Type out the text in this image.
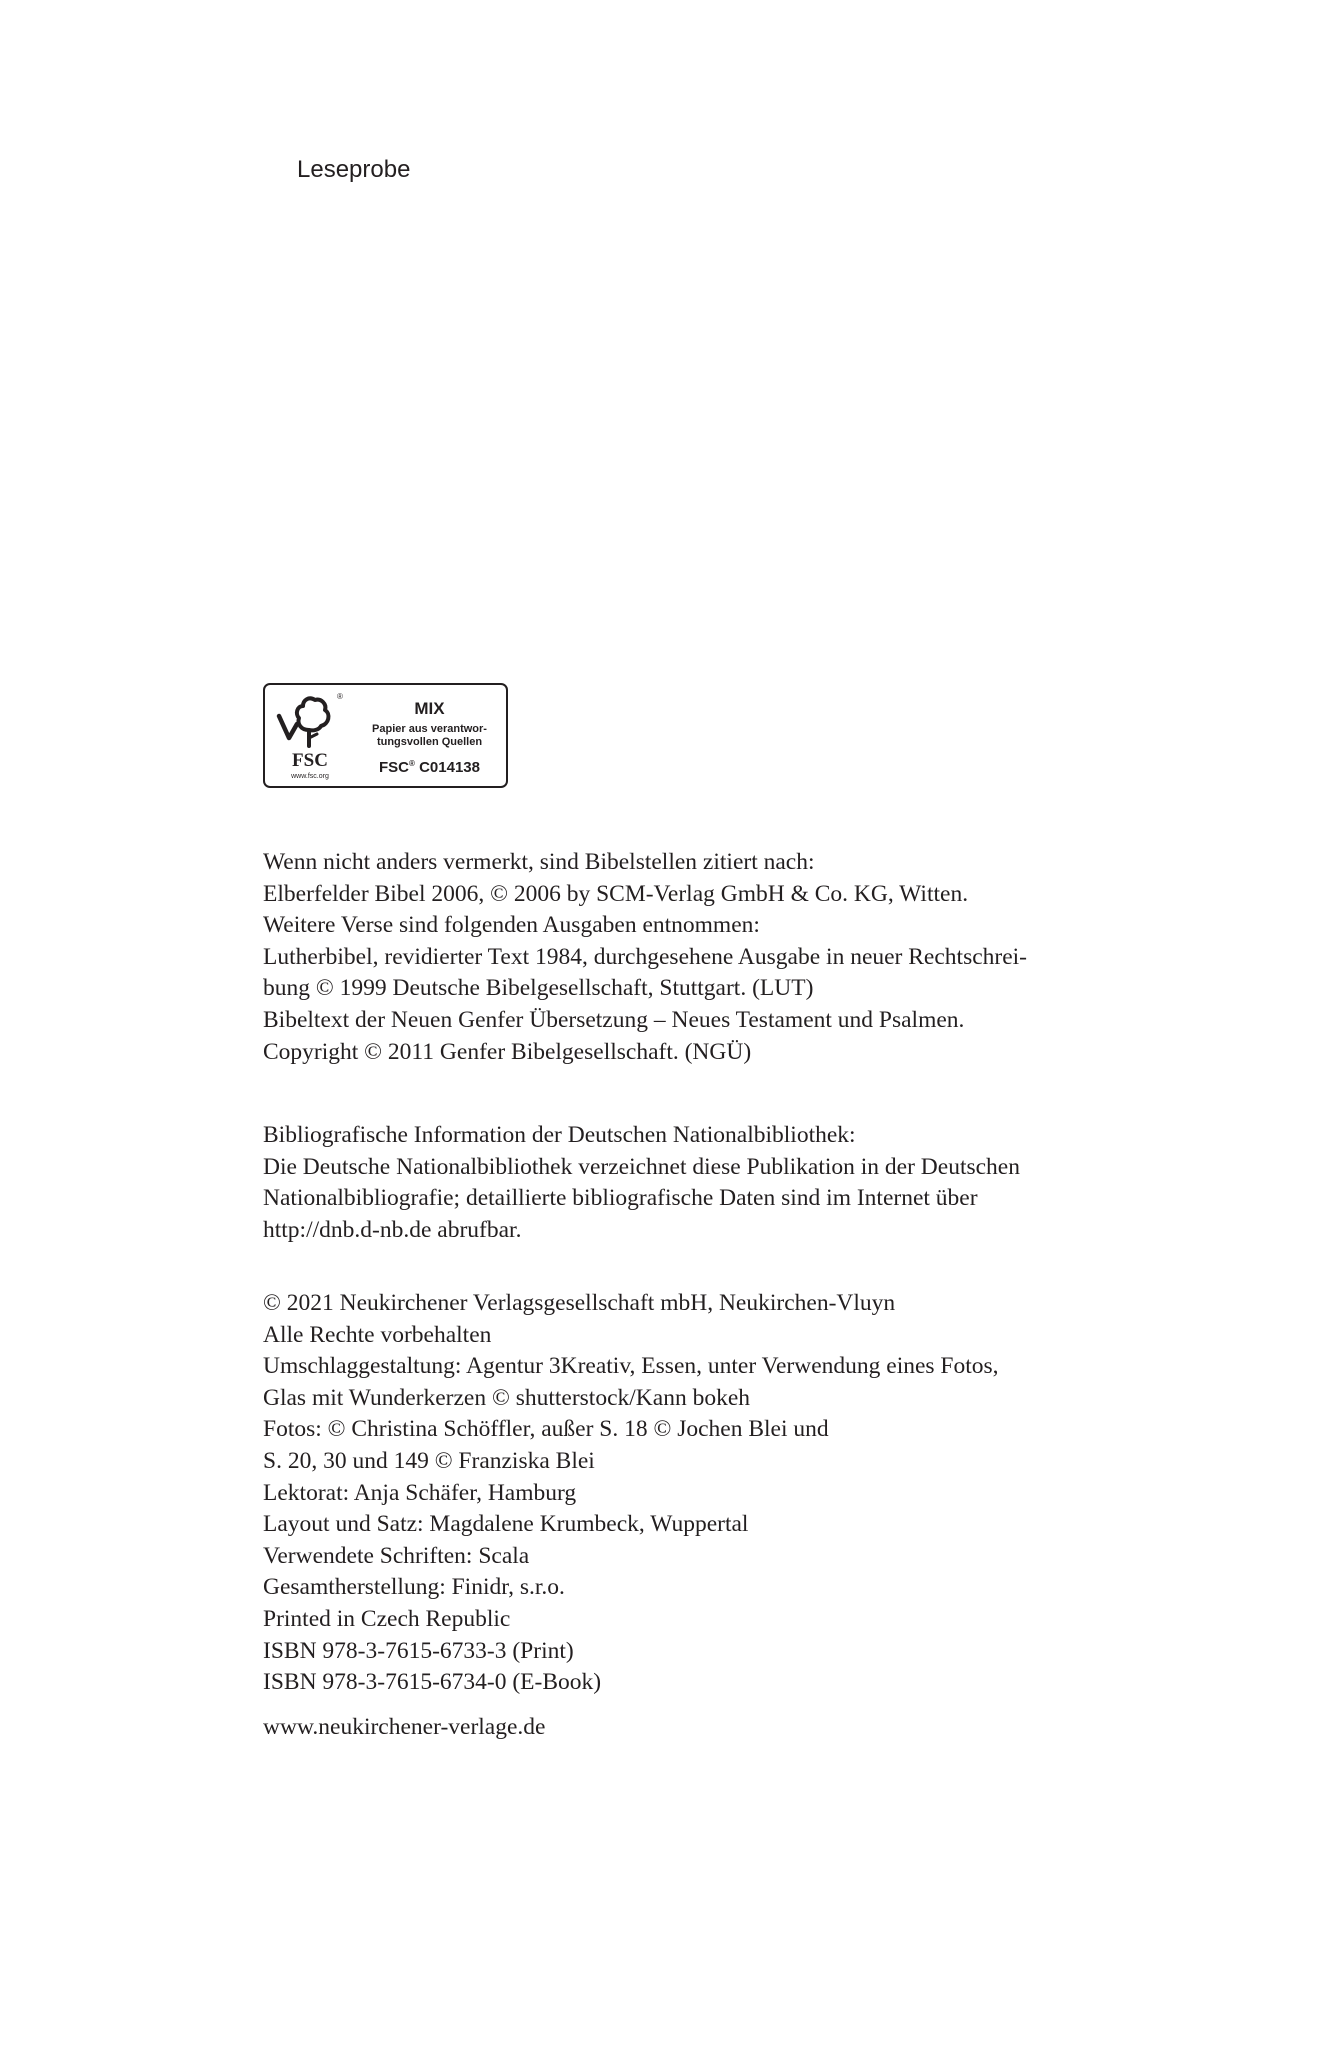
Leseprobe
®
FSC
www.fsc.org
MIX
Papier aus verantwor-
tungsvollen Quellen
FSC® C014138
Wenn nicht anders vermerkt, sind Bibelstellen zitiert nach:
Elberfelder Bibel 2006, © 2006 by SCM-Verlag GmbH & Co. KG, Witten.
Weitere Verse sind folgenden Ausgaben entnommen:
Lutherbibel, revidierter Text 1984, durchgesehene Ausgabe in neuer Rechtschrei-
bung © 1999 Deutsche Bibelgesellschaft, Stuttgart. (LUT)
Bibeltext der Neuen Genfer Übersetzung – Neues Testament und Psalmen.
Copyright © 2011 Genfer Bibelgesellschaft. (NGÜ)
Bibliografische Information der Deutschen Nationalbibliothek:
Die Deutsche Nationalbibliothek verzeichnet diese Publikation in der Deutschen
Nationalbibliografie; detaillierte bibliografische Daten sind im Internet über
http://dnb.d-nb.de abrufbar.
© 2021 Neukirchener Verlagsgesellschaft mbH, Neukirchen-Vluyn
Alle Rechte vorbehalten
Umschlaggestaltung: Agentur 3Kreativ, Essen, unter Verwendung eines Fotos,
Glas mit Wunderkerzen © shutterstock/Kann bokeh
Fotos: © Christina Schöffler, außer S. 18 © Jochen Blei und
S. 20, 30 und 149 © Franziska Blei
Lektorat: Anja Schäfer, Hamburg
Layout und Satz: Magdalene Krumbeck, Wuppertal
Verwendete Schriften: Scala
Gesamtherstellung: Finidr, s.r.o.
Printed in Czech Republic
ISBN 978-3-7615-6733-3 (Print)
ISBN 978-3-7615-6734-0 (E-Book)
www.neukirchener-verlage.de
